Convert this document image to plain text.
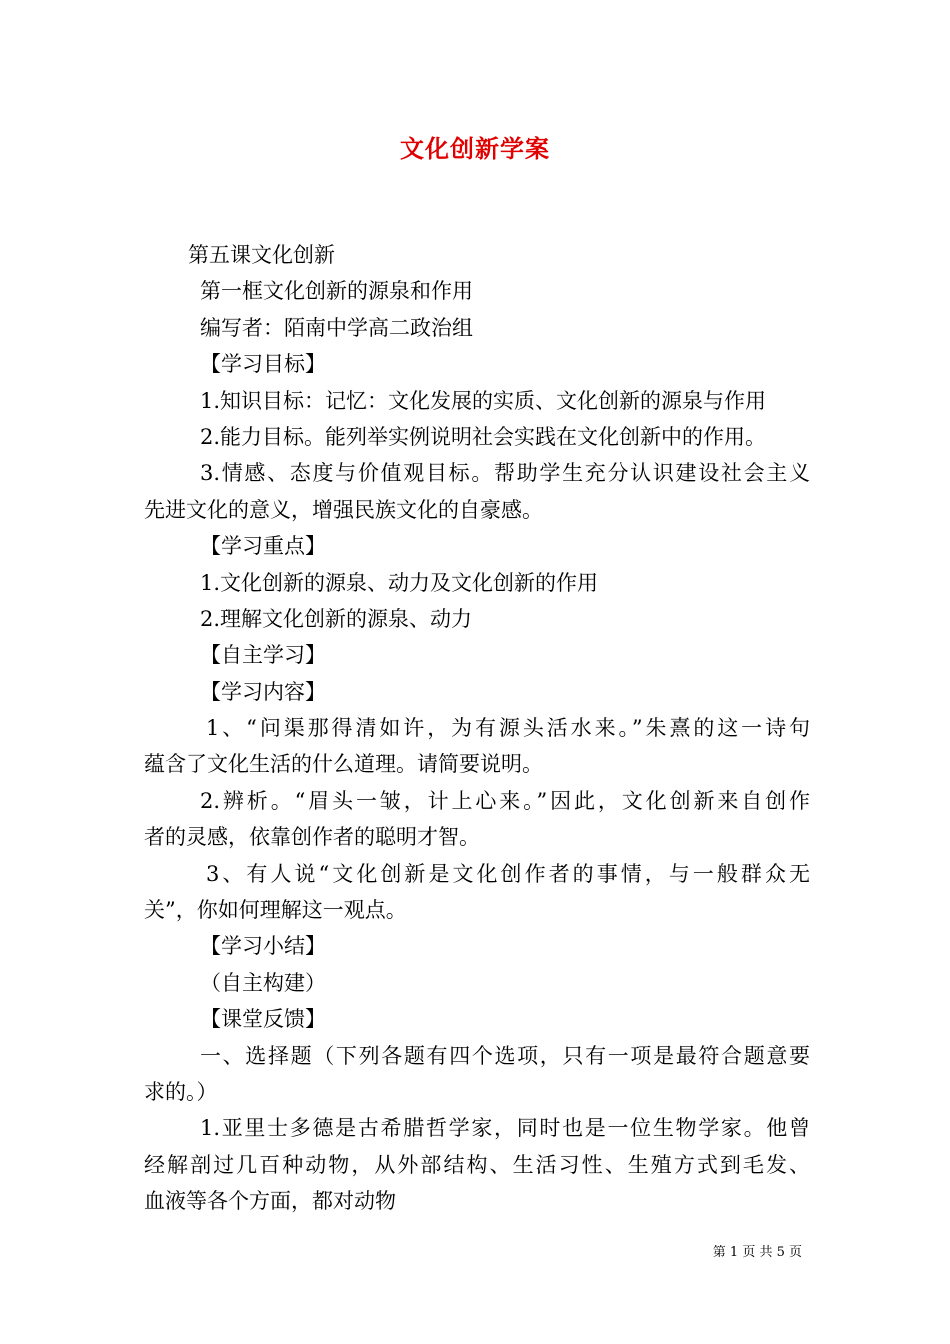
文化创新学案
第五课文化创新
第一框文化创新的源泉和作用
编写者：陌南中学高二政治组
【学习目标】
1.知识目标：记忆：文化发展的实质、文化创新的源泉与作用
2.能力目标。能列举实例说明社会实践在文化创新中的作用。
3.情感、态度与价值观目标。帮助学生充分认识建设社会主义
先进文化的意义，增强民族文化的自豪感。
【学习重点】
1.文化创新的源泉、动力及文化创新的作用
2.理解文化创新的源泉、动力
【自主学习】
【学习内容】
1、“问渠那得清如许，为有源头活水来。”朱熹的这一诗句
蕴含了文化生活的什么道理。请简要说明。
2.辨析。“眉头一皱，计上心来。”因此，文化创新来自创作
者的灵感，依靠创作者的聪明才智。
3、有人说“文化创新是文化创作者的事情，与一般群众无
关”，你如何理解这一观点。
【学习小结】
（自主构建）
【课堂反馈】
一、选择题（下列各题有四个选项，只有一项是最符合题意要
求的。）
1.亚里士多德是古希腊哲学家，同时也是一位生物学家。他曾
经解剖过几百种动物，从外部结构、生活习性、生殖方式到毛发、
血液等各个方面，都对动物
第 1 页 共 5 页
